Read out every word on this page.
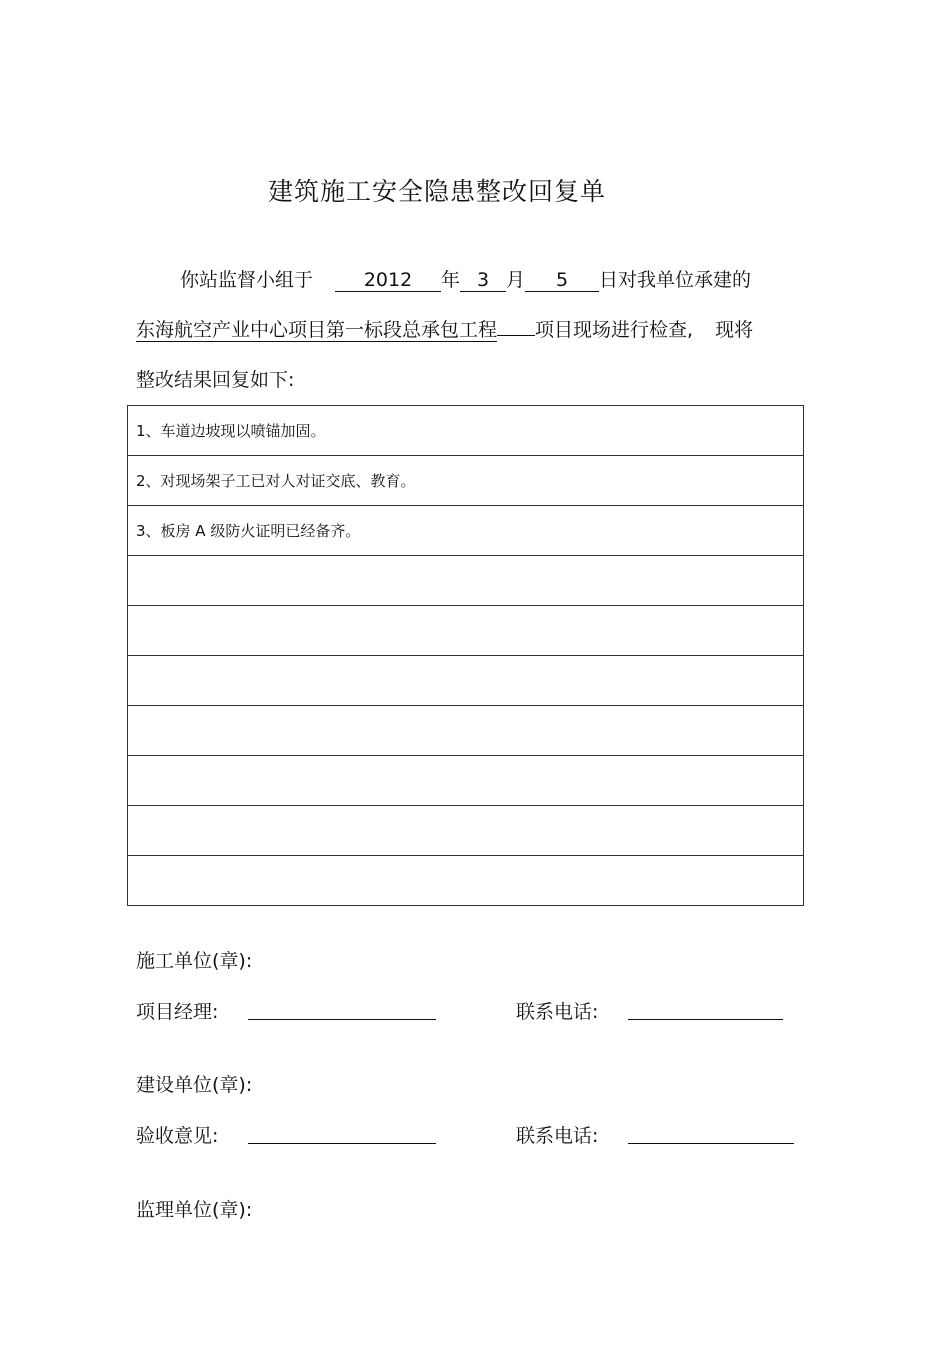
建筑施工安全隐患整改回复单
你站监督小组于	2012 年 3 月 5 日对我单位承建的
东海航空产业中心项目第一标段总承包工程 项目现场进行检查, 现将
整改结果回复如下:
1、车道边坡现以喷锚加固。
2、对现场架子工已对人对证交底、教育。
3、板房 A 级防火证明已经备齐。

施工单位(章):
项目经理:	联系电话:
建设单位(章):
验收意见:	联系电话:
监理单位(章):
